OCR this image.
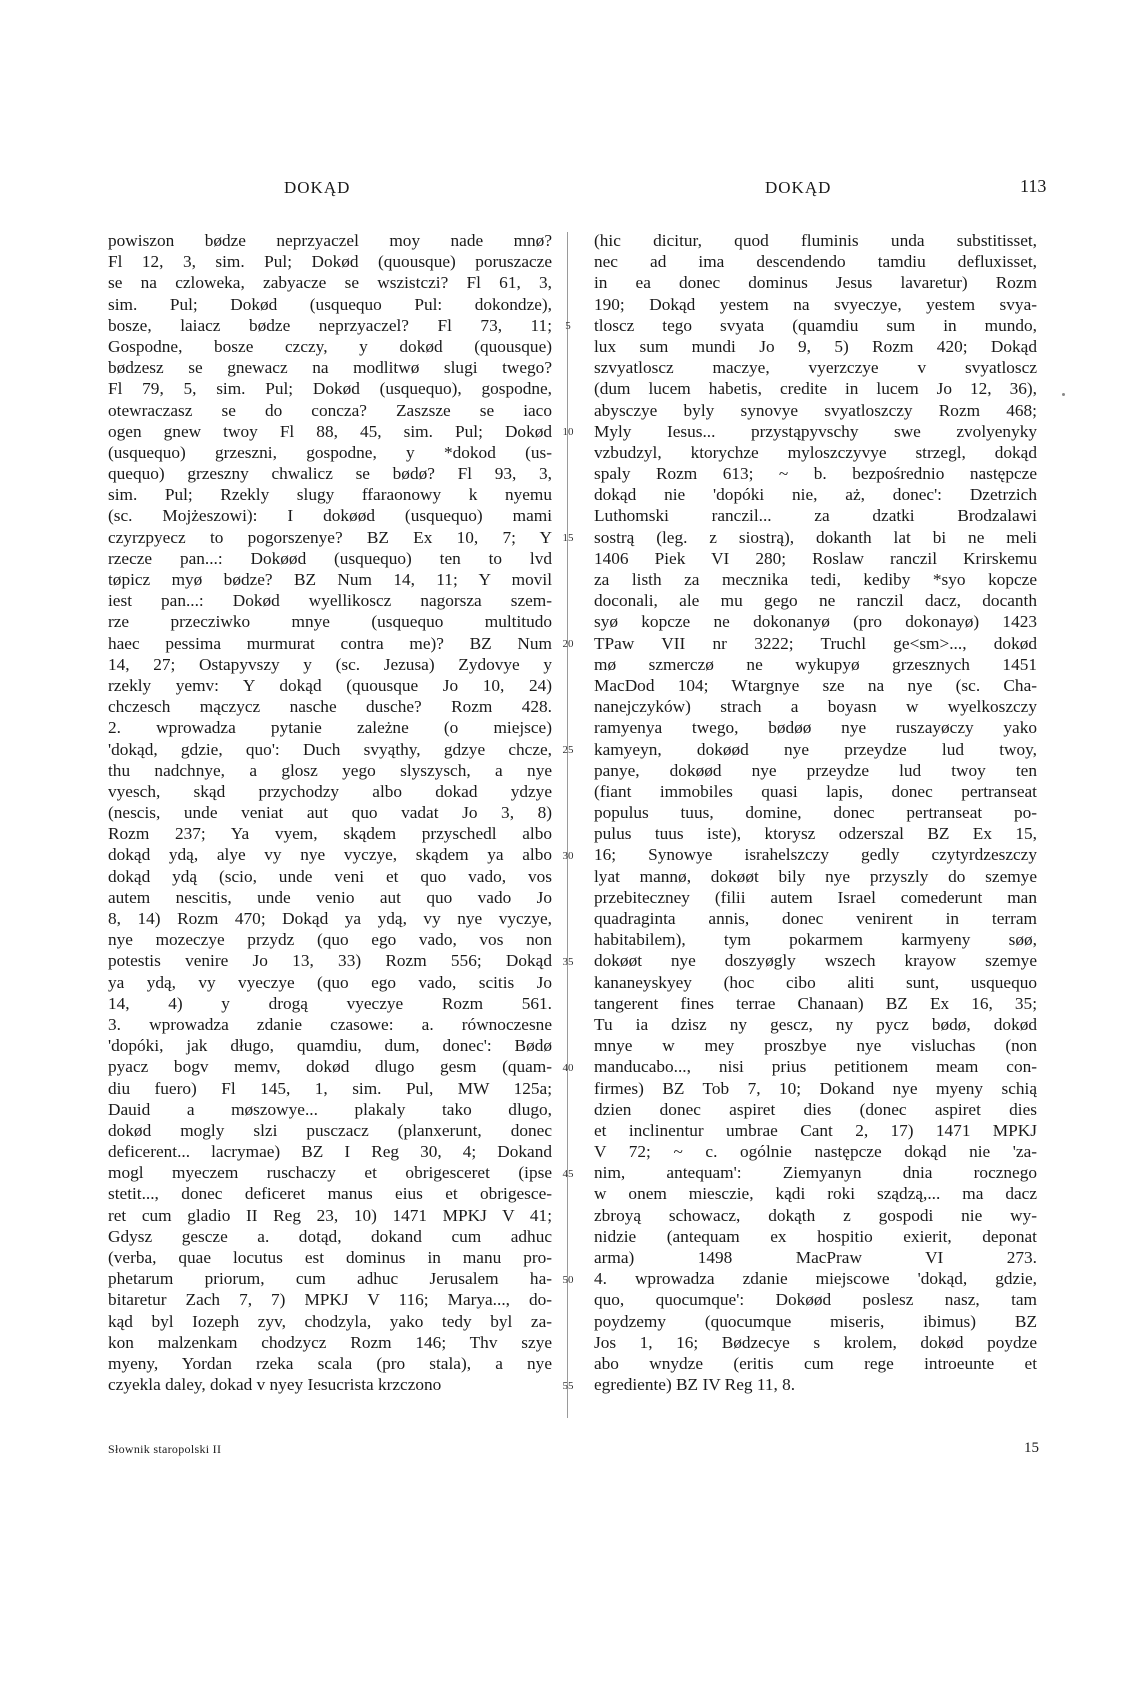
DOKĄD	DOKĄD	113
powiszon bødze neprzyaczel moy nade mnø?
Fl 12, 3, sim. Pul; Dokød (quousque) poruszacze
se na czloweka, zabyacze se wszistczi? Fl 61, 3,
sim. Pul; Dokød (usquequo Pul: dokondze),
bosze, laiacz bødze neprzyaczel? Fl 73, 11;
Gospodne, bosze czczy, y dokød (quousque)
bødzesz se gnewacz na modlitwø slugi twego?
Fl 79, 5, sim. Pul; Dokød (usquequo), gospodne,
otewraczasz se do concza? Zaszsze se iaco
ogen gnew twoy Fl 88, 45, sim. Pul; Dokød
(usquequo) grzeszni, gospodne, y *dokod (us-
quequo) grzeszny chwalicz se bødø? Fl 93, 3,
sim. Pul; Rzekly slugy ffaraonowy k nyemu
(sc. Mojżeszowi): I dokøød (usquequo) mami
czyrzpyecz to pogorszenye? BZ Ex 10, 7; Y
rzecze pan...: Dokøød (usquequo) ten to lvd
tøpicz myø bødze? BZ Num 14, 11; Y movil
iest pan...: Dokød wyellikoscz nagorsza szem-
rze przecziwko mnye (usquequo multitudo
haec pessima murmurat contra me)? BZ Num
14, 27; Ostapyvszy y (sc. Jezusa) Zydovye y
rzekly yemv: Y dokąd (quousque Jo 10, 24)
chczesch mączycz nasche dusche? Rozm 428.
2. wprowadza pytanie zależne (o miejsce)
'dokąd, gdzie, quo': Duch svyąthy, gdzye chcze,
thu nadchnye, a glosz yego slyszysch, a nye
vyesch, skąd przychodzy albo dokad ydzye
(nescis, unde veniat aut quo vadat Jo 3, 8)
Rozm 237; Ya vyem, skądem przyschedl albo
dokąd ydą, alye vy nye vyczye, skądem ya albo
dokąd ydą (scio, unde veni et quo vado, vos
autem nescitis, unde venio aut quo vado Jo
8, 14) Rozm 470; Dokąd ya ydą, vy nye vyczye,
nye mozeczye przydz (quo ego vado, vos non
potestis venire Jo 13, 33) Rozm 556; Dokąd
ya ydą, vy vyeczye (quo ego vado, scitis Jo
14, 4) y drogą vyeczye Rozm 561.
3. wprowadza zdanie czasowe: a. równoczesne
'dopóki, jak długo, quamdiu, dum, donec': Bødø
pyacz bogv memv, dokød dlugo gesm (quam-
diu fuero) Fl 145, 1, sim. Pul, MW 125a;
Dauid a møszowye... plakaly tako dlugo,
dokød mogly slzi pusczacz (planxerunt, donec
deficerent... lacrymae) BZ I Reg 30, 4; Dokand
mogl myeczem ruschaczy et obrigesceret (ipse
stetit..., donec deficeret manus eius et obrigesce-
ret cum gladio II Reg 23, 10) 1471 MPKJ V 41;
Gdysz gescze a. dotąd, dokand cum adhuc
(verba, quae locutus est dominus in manu pro-
phetarum priorum, cum adhuc Jerusalem ha-
bitaretur Zach 7, 7) MPKJ V 116; Marya..., do-
kąd byl Iozeph zyv, chodzyla, yako tedy byl za-
kon malzenkam chodzycz Rozm 146; Thv szye
myeny, Yordan rzeka scala (pro stala), a nye
czyekla daley, dokad v nyey Iesucrista krzczono
5
10
15
20
25
30
35
40
45
50
55
(hic dicitur, quod fluminis unda substitisset,
nec ad ima descendendo tamdiu defluxisset,
in ea donec dominus Jesus lavaretur) Rozm
190; Dokąd yestem na svyeczye, yestem svya-
tloscz tego svyata (quamdiu sum in mundo,
lux sum mundi Jo 9, 5) Rozm 420; Dokąd
szvyatloscz maczye, vyerzczye v svyatloscz
(dum lucem habetis, credite in lucem Jo 12, 36),
abysczye byly synovye svyatloszczy Rozm 468;
Myly Iesus... przystąpyvschy swe zvolyenyky
vzbudzyl, ktorychze myloszczyvye strzegl, dokąd
spaly Rozm 613; ~ b. bezpośrednio następcze
dokąd nie 'dopóki nie, aż, donec': Dzetrzich
Luthomski ranczil... za dzatki Brodzalawi
sostrą (leg. z siostrą), dokanth lat bi ne meli
1406 Piek VI 280; Roslaw ranczil Krirskemu
za listh za mecznika tedi, kediby *syo kopcze
doconali, ale mu gego ne ranczil dacz, docanth
syø kopcze ne dokonanyø (pro dokonayø) 1423
TPaw VII nr 3222; Truchl ge<sm>..., dokød
mø szmerczø ne wykupyø grzesznych 1451
MacDod 104; Wtargnye sze na nye (sc. Cha-
nanejczyków) strach a boyasn w wyelkoszczy
ramyenya twego, bødøø nye ruszayøczy yako
kamyeyn, dokøød nye przeydze lud twoy,
panye, dokøød nye przeydze lud twoy ten
(fiant immobiles quasi lapis, donec pertranseat
populus tuus, domine, donec pertranseat po-
pulus tuus iste), ktorysz odzerszal BZ Ex 15,
16; Synowye israhelszczy gedly czytyrdzeszczy
lyat mannø, dokøøt bily nye przyszly do szemye
przebiteczney (filii autem Israel comederunt man
quadraginta annis, donec venirent in terram
habitabilem), tym pokarmem karmyeny søø,
dokøøt nye doszyøgly wszech krayow szemye
kananeyskyey (hoc cibo aliti sunt, usquequo
tangerent fines terrae Chanaan) BZ Ex 16, 35;
Tu ia dzisz ny gescz, ny pycz bødø, dokød
mnye w mey proszbye nye visluchas (non
manducabo..., nisi prius petitionem meam con-
firmes) BZ Tob 7, 10; Dokand nye myeny schią
dzien donec aspiret dies (donec aspiret dies
et inclinentur umbrae Cant 2, 17) 1471 MPKJ
V 72; ~ c. ogólnie następcze dokąd nie 'za-
nim, antequam': Ziemyanyn dnia rocznego
w onem miesczie, kądi roki sządzą,... ma dacz
zbroyą schowacz, dokąth z gospodi nie wy-
nidzie (antequam ex hospitio exierit, deponat
arma) 1498 MacPraw VI 273.
4. wprowadza zdanie miejscowe 'dokąd, gdzie,
quo, quocumque': Dokøød poslesz nasz, tam
poydzemy (quocumque miseris, ibimus) BZ
Jos 1, 16; Bødzecye s krolem, dokød poydze
abo wnydze (eritis cum rege introeunte et
egrediente) BZ IV Reg 11, 8.
Słownik staropolski II	15
